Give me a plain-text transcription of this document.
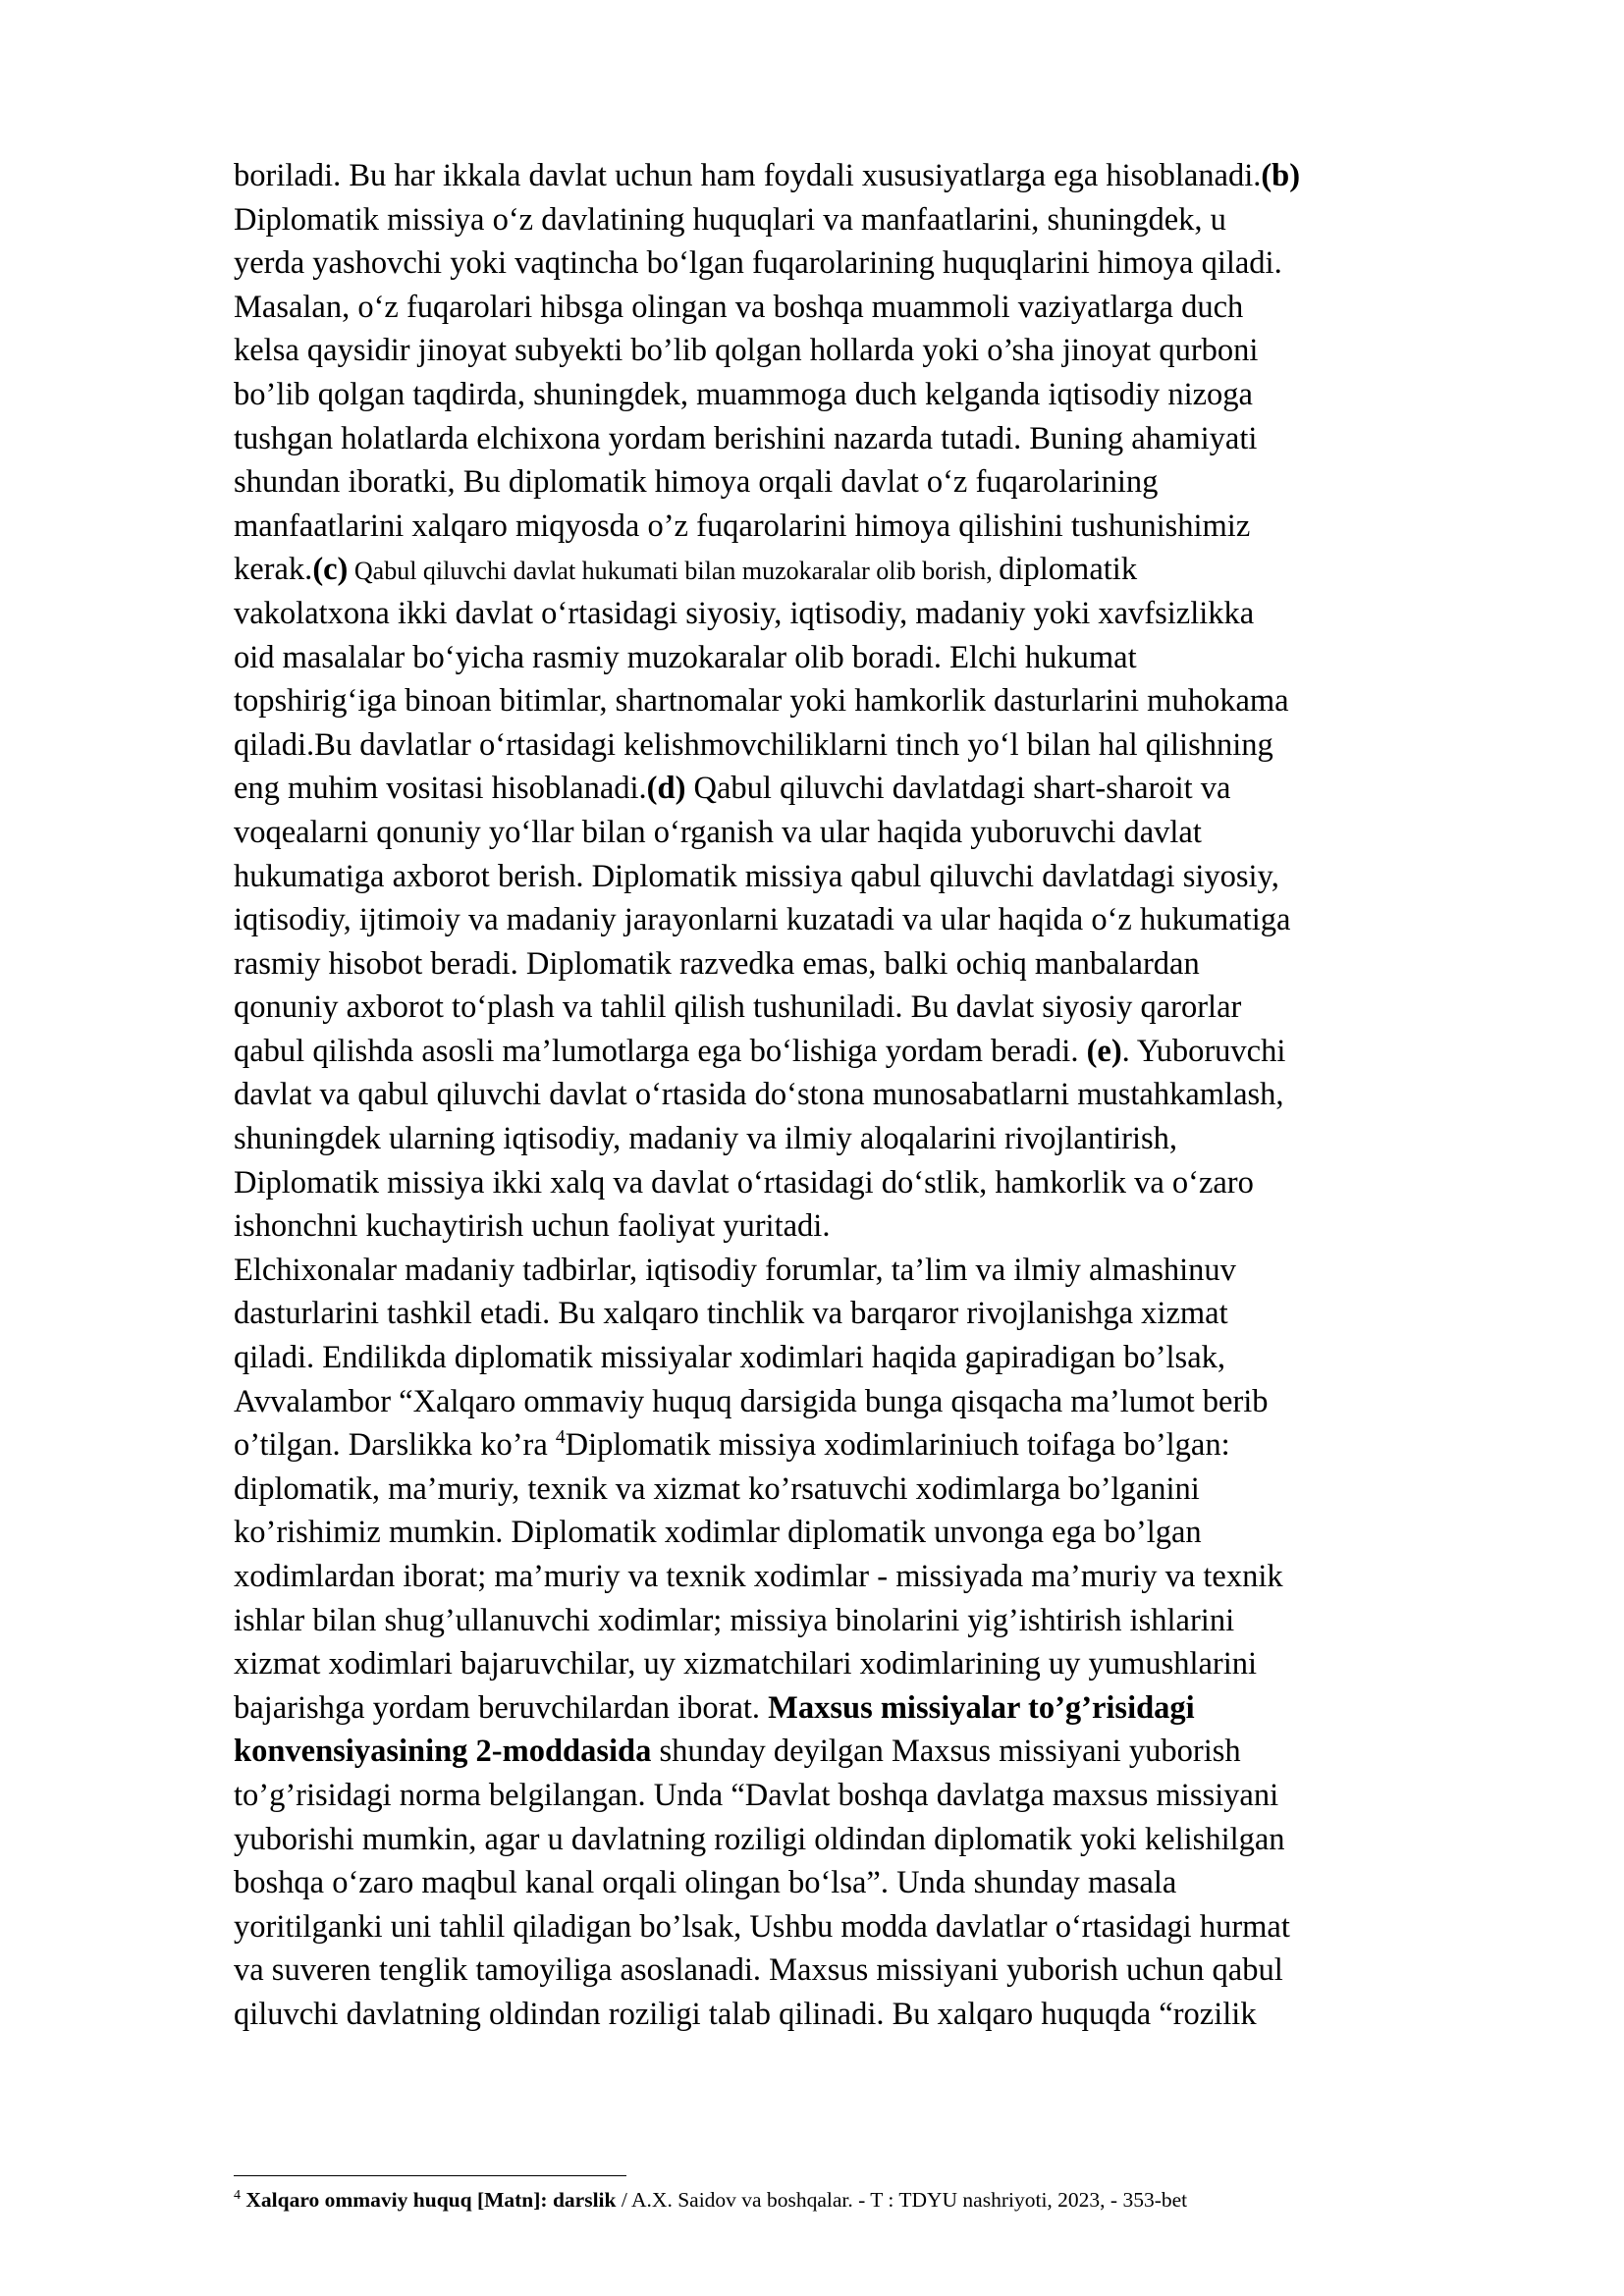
boriladi. Bu har ikkala davlat uchun ham foydali xususiyatlarga ega hisoblanadi.(b)
Diplomatik missiya o‘z davlatining huquqlari va manfaatlarini, shuningdek, u
yerda yashovchi yoki vaqtincha bo‘lgan fuqarolarining huquqlarini himoya qiladi.
Masalan, o‘z fuqarolari hibsga olingan va boshqa muammoli vaziyatlarga duch
kelsa qaysidir jinoyat subyekti bo’lib qolgan hollarda yoki o’sha jinoyat qurboni
bo’lib qolgan taqdirda, shuningdek, muammoga duch kelganda iqtisodiy nizoga
tushgan holatlarda elchixona yordam berishini nazarda tutadi. Buning ahamiyati
shundan iboratki, Bu diplomatik himoya orqali davlat o‘z fuqarolarining
manfaatlarini xalqaro miqyosda o’z fuqarolarini himoya qilishini tushunishimiz
kerak.(c) Qabul qiluvchi davlat hukumati bilan muzokaralar olib borish, diplomatik
vakolatxona ikki davlat o‘rtasidagi siyosiy, iqtisodiy, madaniy yoki xavfsizlikka
oid masalalar bo‘yicha rasmiy muzokaralar olib boradi. Elchi hukumat
topshirig‘iga binoan bitimlar, shartnomalar yoki hamkorlik dasturlarini muhokama
qiladi.Bu davlatlar o‘rtasidagi kelishmovchiliklarni tinch yo‘l bilan hal qilishning
eng muhim vositasi hisoblanadi.(d) Qabul qiluvchi davlatdagi shart-sharoit va
voqealarni qonuniy yo‘llar bilan o‘rganish va ular haqida yuboruvchi davlat
hukumatiga axborot berish. Diplomatik missiya qabul qiluvchi davlatdagi siyosiy,
iqtisodiy, ijtimoiy va madaniy jarayonlarni kuzatadi va ular haqida o‘z hukumatiga
rasmiy hisobot beradi. Diplomatik razvedka emas, balki ochiq manbalardan
qonuniy axborot to‘plash va tahlil qilish tushuniladi. Bu davlat siyosiy qarorlar
qabul qilishda asosli ma’lumotlarga ega bo‘lishiga yordam beradi. (e). Yuboruvchi
davlat va qabul qiluvchi davlat o‘rtasida do‘stona munosabatlarni mustahkamlash,
shuningdek ularning iqtisodiy, madaniy va ilmiy aloqalarini rivojlantirish,
Diplomatik missiya ikki xalq va davlat o‘rtasidagi do‘stlik, hamkorlik va o‘zaro
ishonchni kuchaytirish uchun faoliyat yuritadi.
Elchixonalar madaniy tadbirlar, iqtisodiy forumlar, ta’lim va ilmiy almashinuv
dasturlarini tashkil etadi. Bu xalqaro tinchlik va barqaror rivojlanishga xizmat
qiladi. Endilikda diplomatik missiyalar xodimlari haqida gapiradigan bo’lsak,
Avvalambor “Xalqaro ommaviy huquq darsigida bunga qisqacha ma’lumot berib
o’tilgan. Darslikka ko’ra $^4$Diplomatik missiya xodimlariniuch toifaga bo’lgan:
diplomatik, ma’muriy, texnik va xizmat ko’rsatuvchi xodimlarga bo’lganini
ko’rishimiz mumkin. Diplomatik xodimlar diplomatik unvonga ega bo’lgan
xodimlardan iborat; ma’muriy va texnik xodimlar - missiyada ma’muriy va texnik
ishlar bilan shug’ullanuvchi xodimlar; missiya binolarini yig’ishtirish ishlarini
xizmat xodimlari bajaruvchilar, uy xizmatchilari xodimlarining uy yumushlarini
bajarishga yordam beruvchilardan iborat. Maxsus missiyalar to’g’risidagi
konvensiyasining 2-moddasida shunday deyilgan Maxsus missiyani yuborish
to’g’risidagi norma belgilangan. Unda “Davlat boshqa davlatga maxsus missiyani
yuborishi mumkin, agar u davlatning roziligi oldindan diplomatik yoki kelishilgan
boshqa o‘zaro maqbul kanal orqali olingan bo‘lsa”. Unda shunday masala
yoritilganki uni tahlil qiladigan bo’lsak, Ushbu modda davlatlar o‘rtasidagi hurmat
va suveren tenglik tamoyiliga asoslanadi. Maxsus missiyani yuborish uchun qabul
qiluvchi davlatning oldindan roziligi talab qilinadi. Bu xalqaro huquqda “rozilik
$^4$ Xalqaro ommaviy huquq [Matn]: darslik / A.X. Saidov va boshqalar. - T : TDYU nashriyoti, 2023, - 353-bet
